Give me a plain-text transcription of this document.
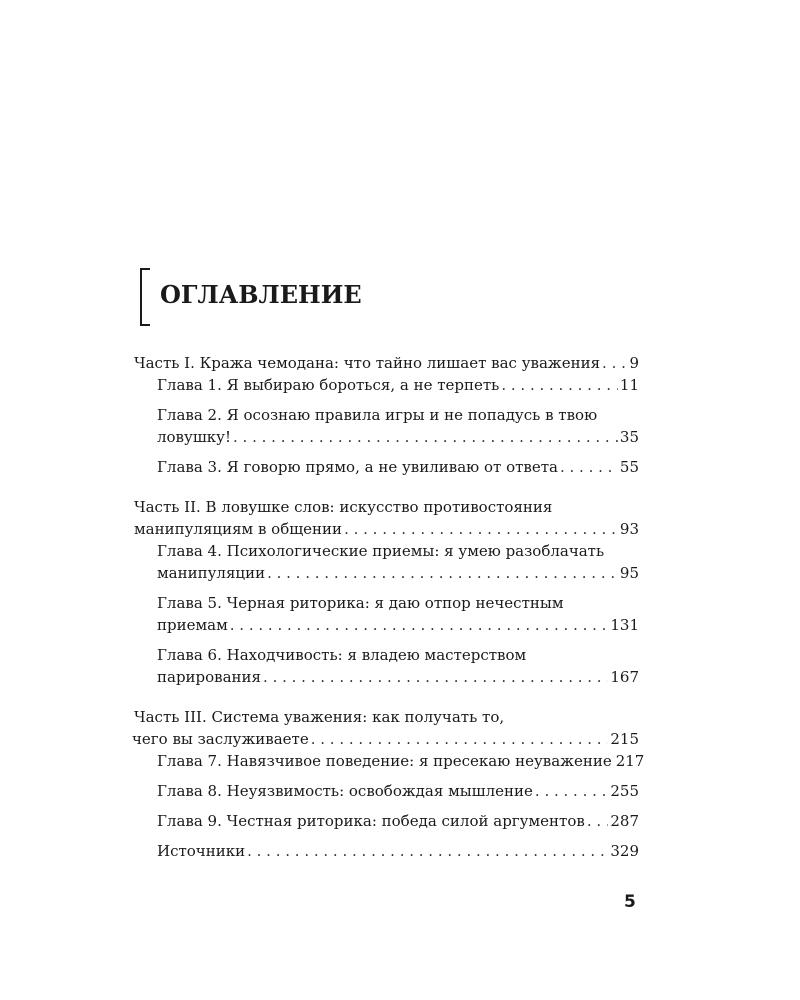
ОГЛАВЛЕНИЕ
Часть I. Кража чемодана: что тайно лишает вас уважения . . . 9
Глава 1. Я выбираю бороться, а не терпеть . . .	11
Глава 2. Я осознаю правила игры и не попадусь в твою
ловушку! . . .	35
Глава 3. Я говорю прямо, а не увиливаю от ответа . . .	55
Часть II. В ловушке слов: искусство противостояния
манипуляциям в общении . . .	93
Глава 4. Психологические приемы: я умею разоблачать
манипуляции . . .	95
Глава 5. Черная риторика: я даю отпор нечестным
приемам . . .	131
Глава 6. Находчивость: я владею мастерством
парирования . . .	167
Часть III. Система уважения: как получать то,
чего вы заслуживаете . . .	215
Глава 7. Навязчивое поведение: я пресекаю неуважение 217
Глава 8. Неуязвимость: освобождая мышление . . .	255
Глава 9. Честная риторика: победа силой аргументов . . . 287
Источники . . .	329
5
